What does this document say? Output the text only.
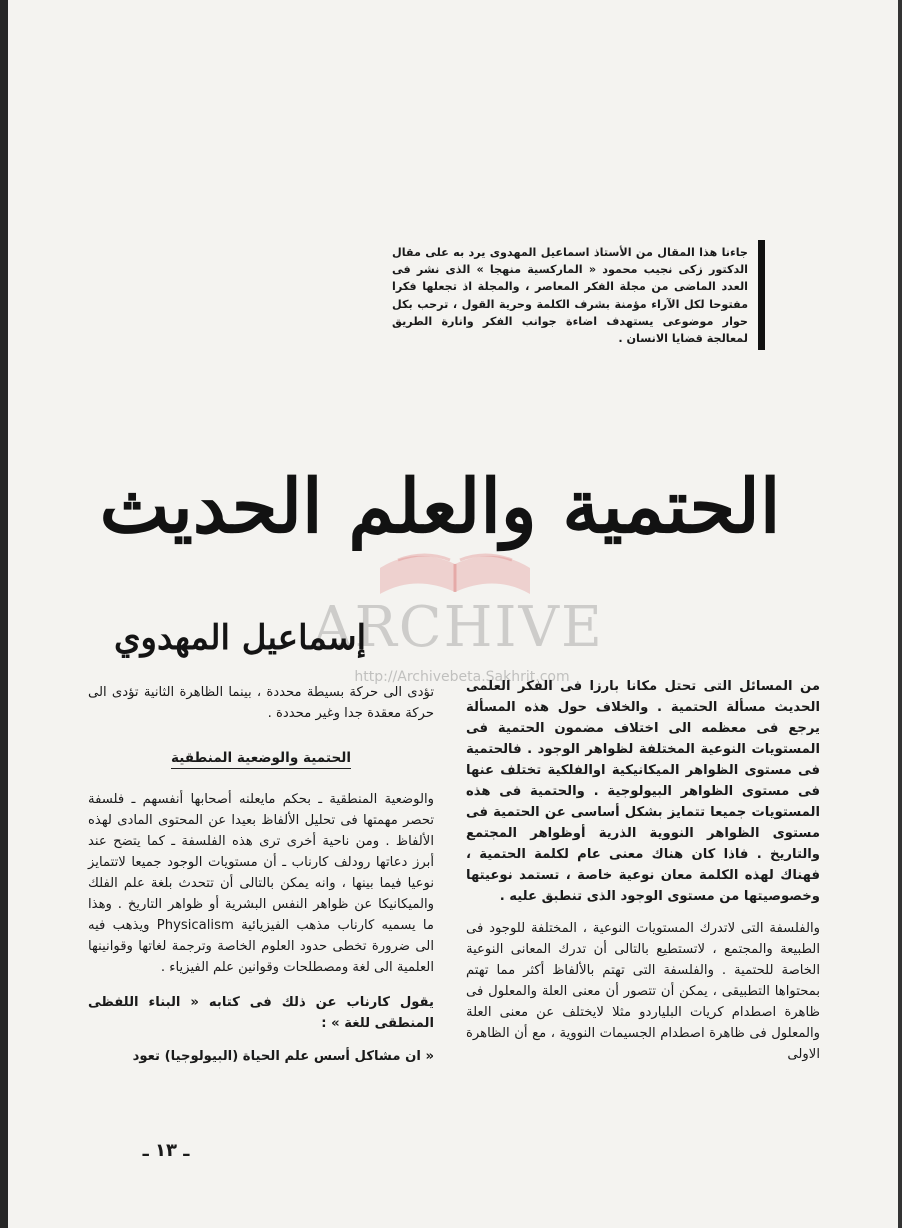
جاءنا هذا المقال من الأستاذ اسماعيل المهدوى يرد به على مقال الدكتور زكى نجيب محمود « الماركسية منهجا » الذى نشر فى العدد الماضى من مجلة الفكر المعاصر ، والمجلة اذ تجعلها فكرا مفتوحا لكل الآراء مؤمنة بشرف الكلمة وحرية القول ، ترحب بكل حوار موضوعى يستهدف اضاءة جوانب الفكر وانارة الطريق لمعالجة قضايا الانسان .

ARCHIVE
http://Archivebeta.Sakhrit.com
الحتمية والعلم الحديث
إسماعيل المهدوي

من المسائل التى تحتل مكانا بارزا فى الفكر العلمى الحديث مسألة الحتمية . والخلاف حول هذه المسألة يرجع فى معظمه الى اختلاف مضمون الحتمية فى المستويات النوعية المختلفة لظواهر الوجود . فالحتمية فى مستوى الظواهر الميكانيكية اوالفلكية تختلف عنها فى مستوى الظواهر البيولوجية . والحتمية فى هذه المستويات جميعا تتمايز بشكل أساسى عن الحتمية فى مستوى الظواهر النووية الذرية أوظواهر المجتمع والتاريخ . فاذا كان هناك معنى عام لكلمة الحتمية ، فهناك لهذه الكلمة معان نوعية خاصة ، تستمد نوعيتها وخصوصيتها من مستوى الوجود الذى تنطبق عليه .

والفلسفة التى لاتدرك المستويات النوعية ، المختلفة للوجود فى الطبيعة والمجتمع ، لاتستطيع بالتالى أن تدرك المعانى النوعية الخاصة للحتمية . والفلسفة التى تهتم بالألفاظ أكثر مما تهتم بمحتواها التطبيقى ، يمكن أن تتصور أن معنى العلة والمعلول فى ظاهرة اصطدام كريات البلياردو مثلا لايختلف عن معنى العلة والمعلول فى ظاهرة اصطدام الجسيمات النووية ، مع أن الظاهرة الاولى

تؤدى الى حركة بسيطة محددة ، بينما الظاهرة الثانية تؤدى الى حركة معقدة جدا وغير محددة .

الحتمية والوضعية المنطقية

والوضعية المنطقية ـ بحكم مايعلنه أصحابها أنفسهم ـ فلسفة تحصر مهمتها فى تحليل الألفاظ بعيدا عن المحتوى المادى لهذه الألفاظ . ومن ناحية أخرى ترى هذه الفلسفة ـ كما يتضح عند أبرز دعاتها رودلف كارناب ـ أن مستويات الوجود جميعا لاتتمايز نوعيا فيما بينها ، وانه يمكن بالتالى أن تتحدث بلغة علم الفلك والميكانيكا عن ظواهر النفس البشرية أو ظواهر التاريخ . وهذا ما يسميه كارناب مذهب الفيزيائية Physicalism ويذهب فيه الى ضرورة تخطى حدود العلوم الخاصة وترجمة لغاتها وقوانينها العلمية الى لغة ومصطلحات وقوانين علم الفيزياء .

يقول كارناب عن ذلك فى كتابه « البناء اللفظى المنطقى للغة » :

« ان مشاكل أسس علم الحياة (البيولوجيا) تعود

ـ ١٣ ـ
